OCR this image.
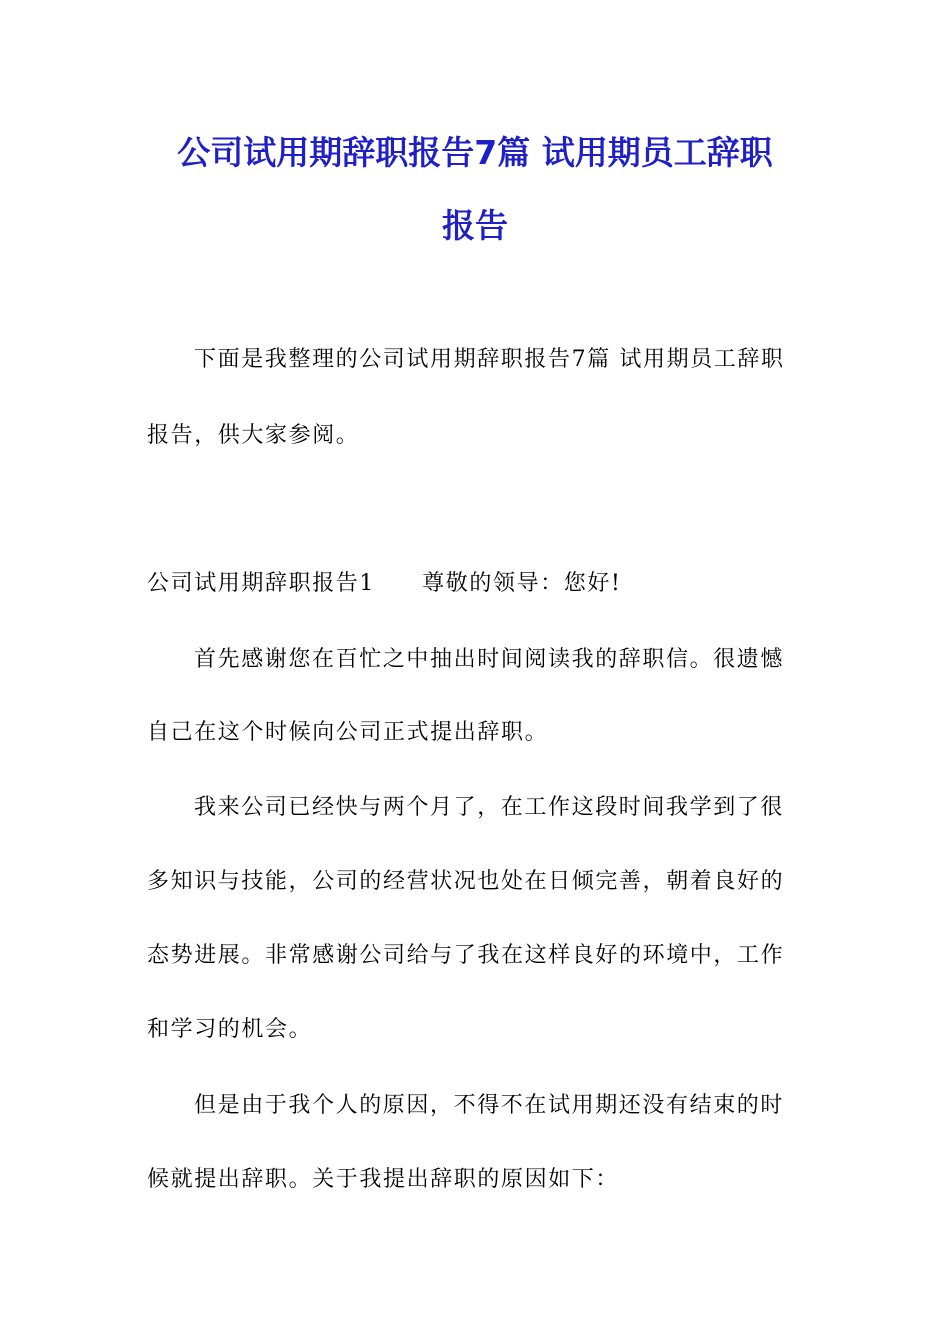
公司试用期辞职报告7篇 试用期员工辞职
报告
下面是我整理的公司试用期辞职报告7篇 试用期员工辞职
报告，供大家参阅。
公司试用期辞职报告1　　尊敬的领导：您好!
首先感谢您在百忙之中抽出时间阅读我的辞职信。很遗憾
自己在这个时候向公司正式提出辞职。
我来公司已经快与两个月了，在工作这段时间我学到了很
多知识与技能，公司的经营状况也处在日倾完善，朝着良好的
态势进展。非常感谢公司给与了我在这样良好的环境中，工作
和学习的机会。
但是由于我个人的原因，不得不在试用期还没有结束的时
候就提出辞职。关于我提出辞职的原因如下：
